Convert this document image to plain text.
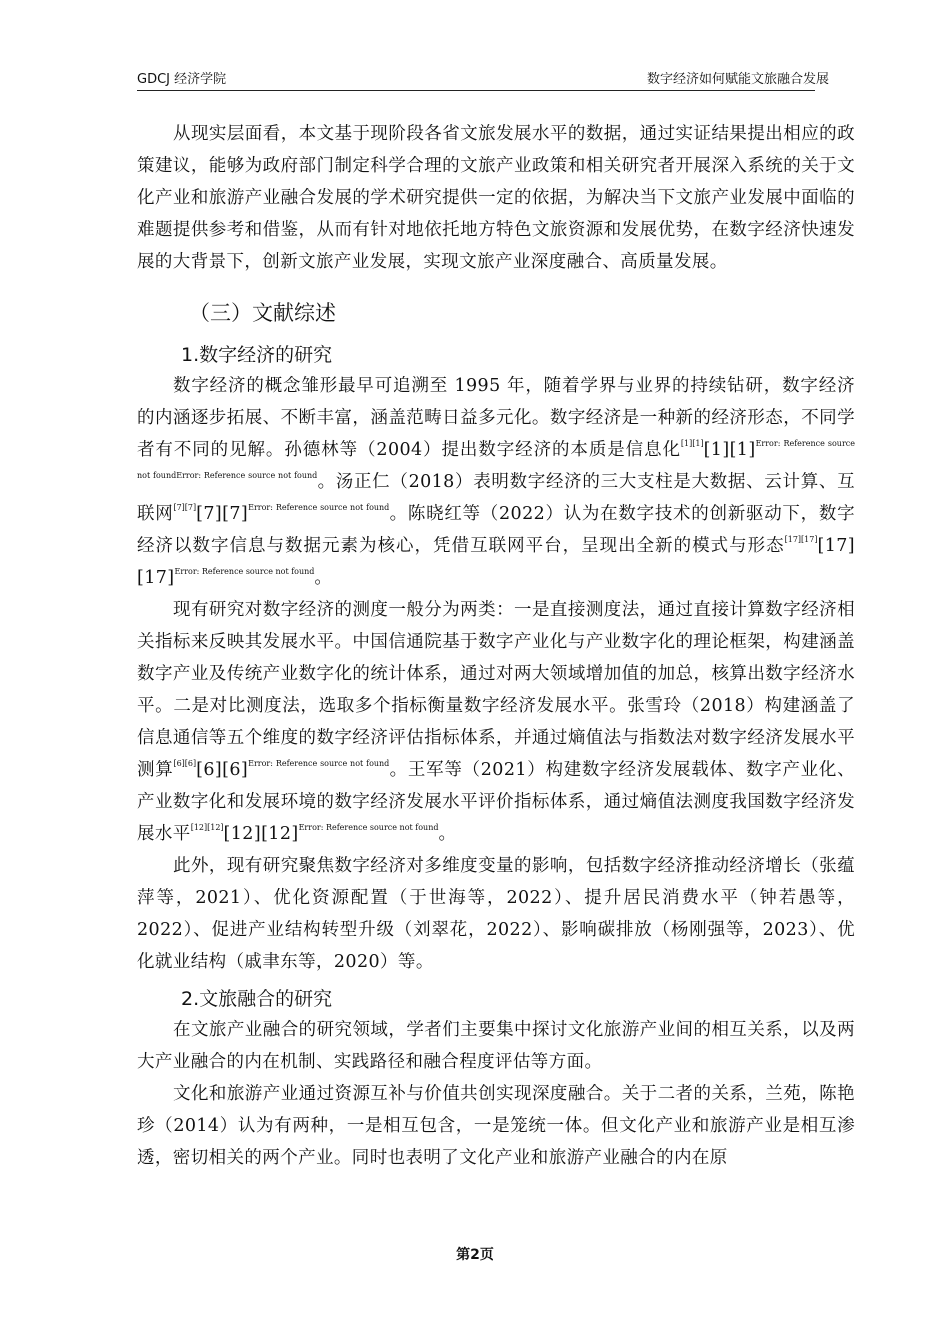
GDCJ 经济学院	数字经济如何赋能文旅融合发展

从现实层面看，本文基于现阶段各省文旅发展水平的数据，通过实证结果提出相应的政策建议，能够为政府部门制定科学合理的文旅产业政策和相关研究者开展深入系统的关于文化产业和旅游产业融合发展的学术研究提供一定的依据，为解决当下文旅产业发展中面临的难题提供参考和借鉴，从而有针对地依托地方特色文旅资源和发展优势，在数字经济快速发展的大背景下，创新文旅产业发展，实现文旅产业深度融合、高质量发展。

（三）文献综述
1.数字经济的研究

数字经济的概念雏形最早可追溯至 1995 年，随着学界与业界的持续钻研，数字经济的内涵逐步拓展、不断丰富，涵盖范畴日益多元化。数字经济是一种新的经济形态，不同学者有不同的见解。孙德林等（2004）提出数字经济的本质是信息化$[1][1][1][1]^{Error: Reference source not foundError: Reference source not found}$。汤正仁（2018）表明数字经济的三大支柱是大数据、云计算、互联网$[7][7][7][7]^{Error: Reference source not found}$。陈晓红等（2022）认为在数字技术的创新驱动下，数字经济以数字信息与数据元素为核心，凭借互联网平台，呈现出全新的模式与形态$[17][17][17][17]^{Error: Reference source not found}$。

现有研究对数字经济的测度一般分为两类：一是直接测度法，通过直接计算数字经济相关指标来反映其发展水平。中国信通院基于数字产业化与产业数字化的理论框架，构建涵盖数字产业及传统产业数字化的统计体系，通过对两大领域增加值的加总，核算出数字经济水平。二是对比测度法，选取多个指标衡量数字经济发展水平。张雪玲（2018）构建涵盖了信息通信等五个维度的数字经济评估指标体系，并通过熵值法与指数法对数字经济发展水平测算$[6][6][6][6]^{Error: Reference source not found}$。王军等（2021）构建数字经济发展载体、数字产业化、产业数字化和发展环境的数字经济发展水平评价指标体系，通过熵值法测度我国数字经济发展水平$[12][12][12][12]^{Error: Reference source not found}$。

此外，现有研究聚焦数字经济对多维度变量的影响，包括数字经济推动经济增长（张蕴萍等，2021）、优化资源配置（于世海等，2022）、提升居民消费水平（钟若愚等，2022）、促进产业结构转型升级（刘翠花，2022）、影响碳排放（杨刚强等，2023）、优化就业结构（戚聿东等，2020）等。

2.文旅融合的研究

在文旅产业融合的研究领域，学者们主要集中探讨文化旅游产业间的相互关系，以及两大产业融合的内在机制、实践路径和融合程度评估等方面。

文化和旅游产业通过资源互补与价值共创实现深度融合。关于二者的关系，兰苑，陈艳珍（2014）认为有两种，一是相互包含，一是笼统一体。但文化产业和旅游产业是相互渗透，密切相关的两个产业。同时也表明了文化产业和旅游产业融合的内在原

第2页
